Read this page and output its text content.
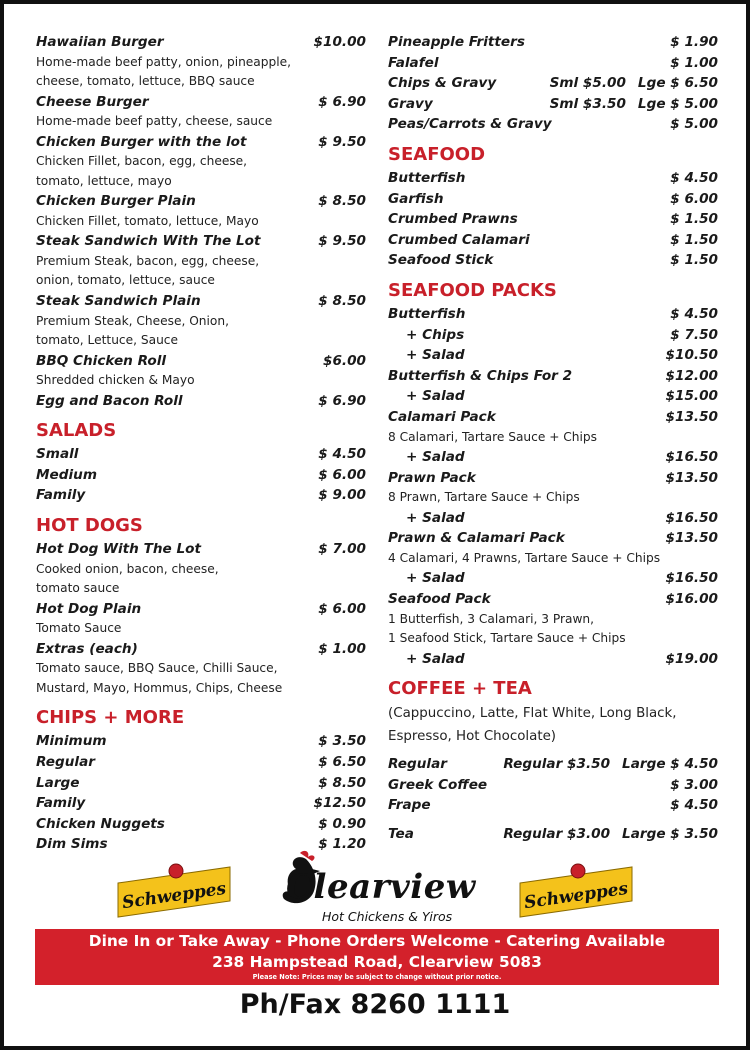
Hawaiian Burger	$10.00
Home-made beef patty, onion, pineapple,
cheese, tomato, lettuce, BBQ sauce
Cheese Burger	$ 6.90
Home-made beef patty, cheese, sauce
Chicken Burger with the lot	$ 9.50
Chicken Fillet, bacon, egg, cheese,
tomato, lettuce, mayo
Chicken Burger Plain	$ 8.50
Chicken Fillet, tomato, lettuce, Mayo
Steak Sandwich With The Lot	$ 9.50
Premium Steak, bacon, egg, cheese,
onion, tomato, lettuce, sauce
Steak Sandwich Plain	$ 8.50
Premium Steak, Cheese, Onion,
tomato, Lettuce, Sauce
BBQ Chicken Roll	$6.00
Shredded chicken & Mayo
Egg and Bacon Roll	$ 6.90
SALADS
Small	$ 4.50
Medium	$ 6.00
Family	$ 9.00
HOT DOGS
Hot Dog With The Lot	$ 7.00
Cooked onion, bacon, cheese,
tomato sauce
Hot Dog Plain	$ 6.00
Tomato Sauce
Extras (each)	$ 1.00
Tomato sauce, BBQ Sauce, Chilli Sauce,
Mustard, Mayo, Hommus, Chips, Cheese
CHIPS + MORE
Minimum	$ 3.50
Regular	$ 6.50
Large	$ 8.50
Family	$12.50
Chicken Nuggets	$ 0.90
Dim Sims	$ 1.20
Pineapple Fritters	$ 1.90
Falafel	$ 1.00
Chips & Gravy	Sml $5.00 Lge $ 6.50
Gravy	Sml $3.50 Lge $ 5.00
Peas/Carrots & Gravy	$ 5.00
SEAFOOD
Butterfish	$ 4.50
Garfish	$ 6.00
Crumbed Prawns	$ 1.50
Crumbed Calamari	$ 1.50
Seafood Stick	$ 1.50
SEAFOOD PACKS
Butterfish	$ 4.50
+ Chips	$ 7.50
+ Salad	$10.50
Butterfish & Chips For 2	$12.00
+ Salad	$15.00
Calamari Pack	$13.50
8 Calamari, Tartare Sauce + Chips
+ Salad	$16.50
Prawn Pack	$13.50
8 Prawn, Tartare Sauce + Chips
+ Salad	$16.50
Prawn & Calamari Pack	$13.50
4 Calamari, 4 Prawns, Tartare Sauce + Chips
+ Salad	$16.50
Seafood Pack	$16.00
1 Butterfish, 3 Calamari, 3 Prawn,
1 Seafood Stick, Tartare Sauce + Chips
+ Salad	$19.00
COFFEE + TEA
(Cappuccino, Latte, Flat White, Long Black,
Espresso, Hot Chocolate)
Regular	Regular $3.50 Large $ 4.50
Greek Coffee	$ 3.00
Frape	$ 4.50
Tea	Regular $3.00 Large $ 3.50
Schweppes Clearview
Hot Chickens & Yiros
Schweppes
Dine In or Take Away - Phone Orders Welcome - Catering Available
238 Hampstead Road, Clearview 5083
Please Note: Prices may be subject to change without prior notice.
Ph/Fax 8260 1111
